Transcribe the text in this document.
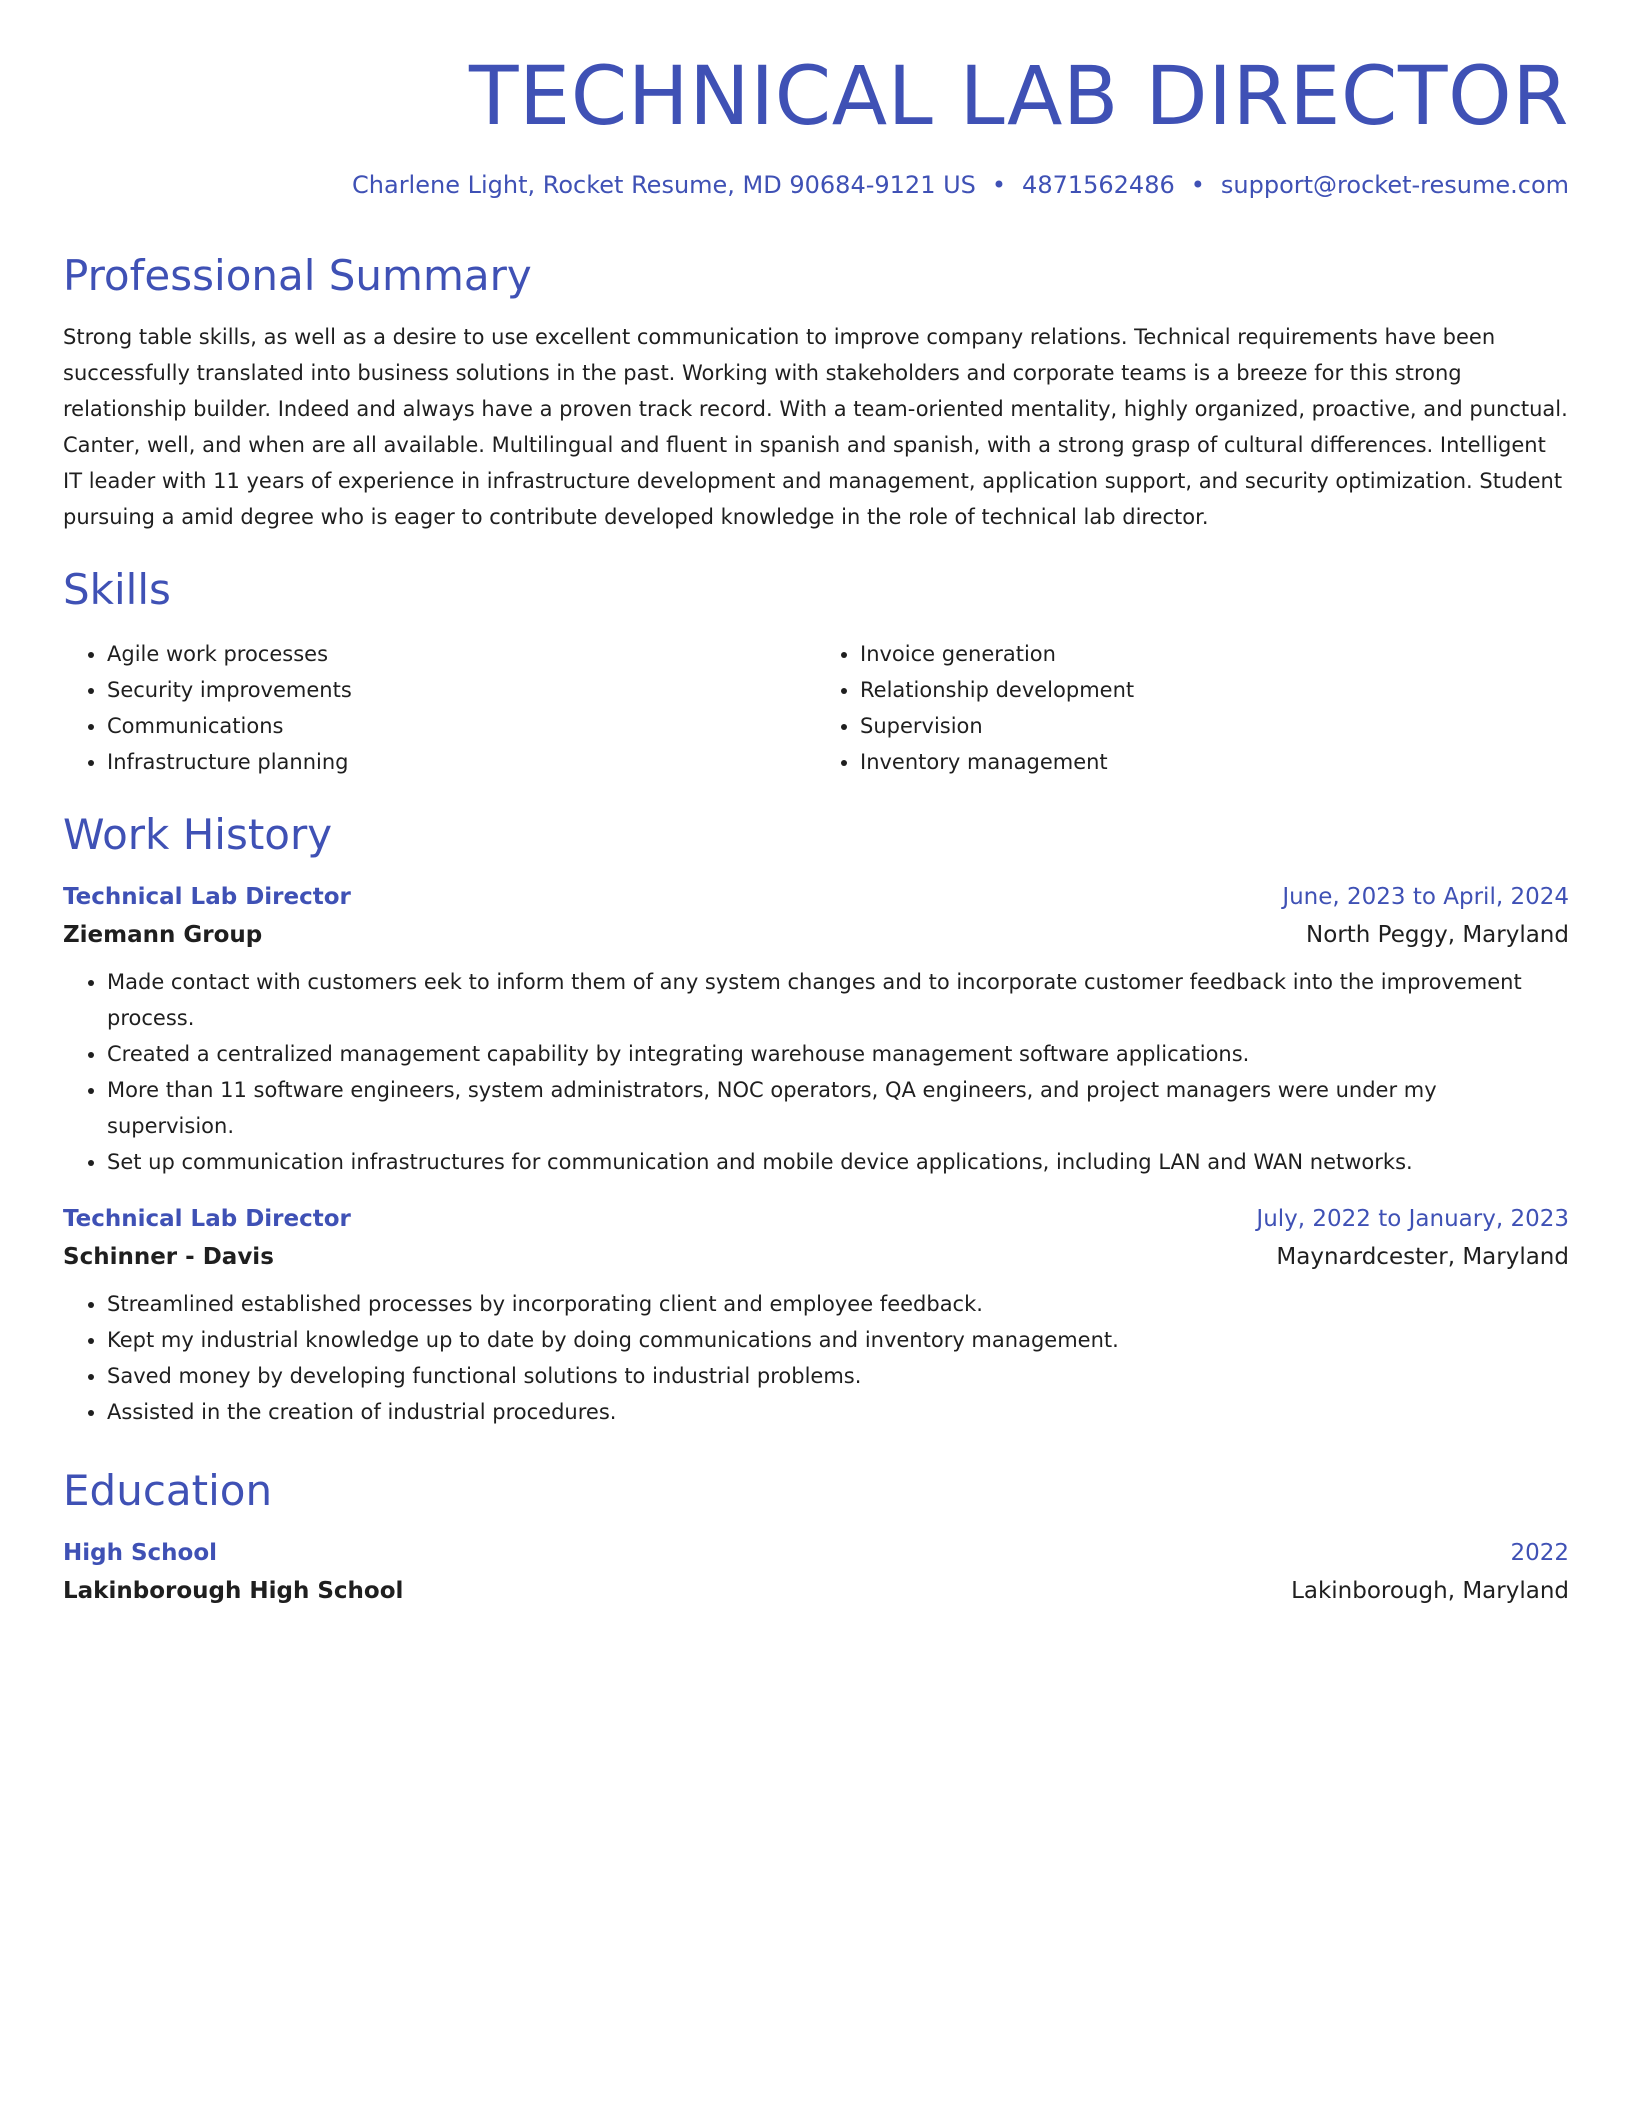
TECHNICAL LAB DIRECTOR
Charlene Light, Rocket Resume, MD 90684-9121 US • 4871562486 • support@rocket-resume.com
Professional Summary

Strong table skills, as well as a desire to use excellent communication to improve company relations. Technical requirements have been successfully translated into business solutions in the past. Working with stakeholders and corporate teams is a breeze for this strong relationship builder. Indeed and always have a proven track record. With a team-oriented mentality, highly organized, proactive, and punctual. Canter, well, and when are all available. Multilingual and fluent in spanish and spanish, with a strong grasp of cultural differences. Intelligent IT leader with 11 years of experience in infrastructure development and management, application support, and security optimization. Student pursuing a amid degree who is eager to contribute developed knowledge in the role of technical lab director.

Skills
• Agile work processes
• Security improvements
• Communications
• Infrastructure planning
• Invoice generation
• Relationship development
• Supervision
• Inventory management
Work History
Technical Lab Director	June, 2023 to April, 2024
Ziemann Group	North Peggy, Maryland
• Made contact with customers eek to inform them of any system changes and to incorporate customer feedback into the improvement process.
• Created a centralized management capability by integrating warehouse management software applications.
• More than 11 software engineers, system administrators, NOC operators, QA engineers, and project managers were under my supervision.
• Set up communication infrastructures for communication and mobile device applications, including LAN and WAN networks.
Technical Lab Director	July, 2022 to January, 2023
Schinner - Davis	Maynardcester, Maryland
• Streamlined established processes by incorporating client and employee feedback.
• Kept my industrial knowledge up to date by doing communications and inventory management.
• Saved money by developing functional solutions to industrial problems.
• Assisted in the creation of industrial procedures.
Education
High School	2022
Lakinborough High School	Lakinborough, Maryland
